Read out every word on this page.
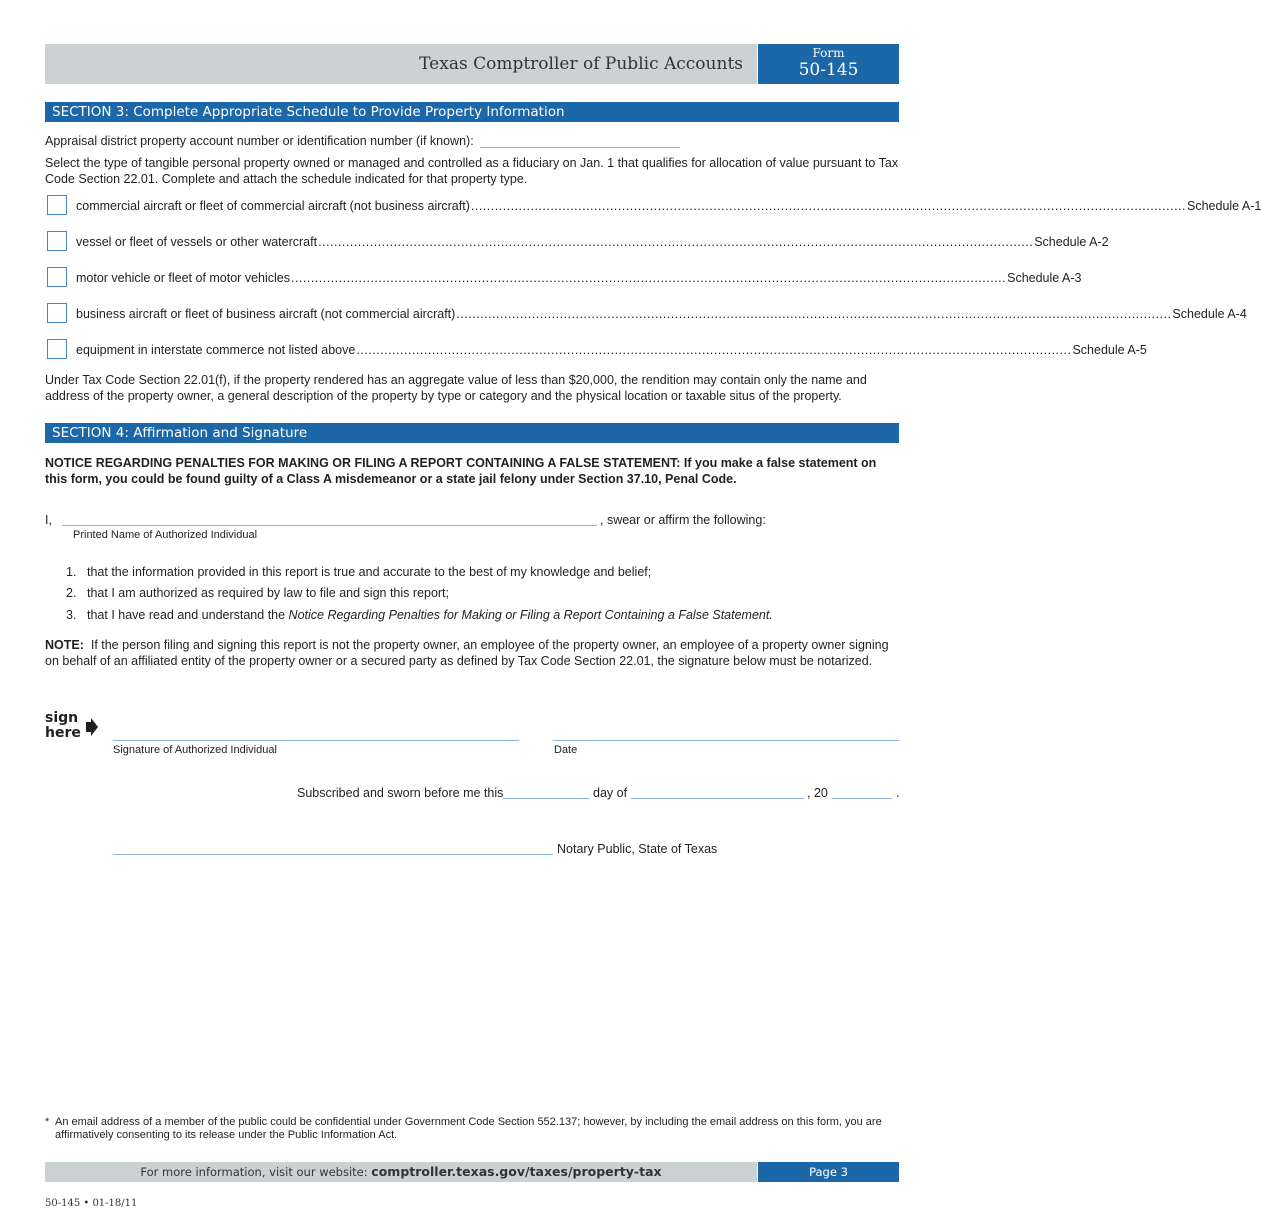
Texas Comptroller of Public Accounts
Form
50-145
SECTION 3: Complete Appropriate Schedule to Provide Property Information
Appraisal district property account number or identification number (if known):
Select the type of tangible personal property owned or managed and controlled as a fiduciary on Jan. 1 that qualifies for allocation of value pursuant to Tax Code Section 22.01. Complete and attach the schedule indicated for that property type.
commercial aircraft or fleet of commercial aircraft (not business aircraft) .................................................................................................................................................................................... Schedule A-1
vessel or fleet of vessels or other watercraft .................................................................................................................................................................................... Schedule A-2
motor vehicle or fleet of motor vehicles .................................................................................................................................................................................... Schedule A-3
business aircraft or fleet of business aircraft (not commercial aircraft) .................................................................................................................................................................................... Schedule A-4
equipment in interstate commerce not listed above .................................................................................................................................................................................... Schedule A-5
Under Tax Code Section 22.01(f), if the property rendered has an aggregate value of less than $20,000, the rendition may contain only the name and address of the property owner, a general description of the property by type or category and the physical location or taxable situs of the property.
SECTION 4: Affirmation and Signature
NOTICE REGARDING PENALTIES FOR MAKING OR FILING A REPORT CONTAINING A FALSE STATEMENT: If you make a false statement on this form, you could be found guilty of a Class A misdemeanor or a state jail felony under Section 37.10, Penal Code.
I,	, swear or affirm the following:
Printed Name of Authorized Individual
1. that the information provided in this report is true and accurate to the best of my knowledge and belief;
2. that I am authorized as required by law to file and sign this report;
3. that I have read and understand the Notice Regarding Penalties for Making or Filing a Report Containing a False Statement.
NOTE: If the person filing and signing this report is not the property owner, an employee of the property owner, an employee of a property owner signing on behalf of an affiliated entity of the property owner or a secured party as defined by Tax Code Section 22.01, the signature below must be notarized.
sign
here
Signature of Authorized Individual	Date
Subscribed and sworn before me this	day of	, 20	.
Notary Public, State of Texas
* An email address of a member of the public could be confidential under Government Code Section 552.137; however, by including the email address on this form, you are affirmatively consenting to its release under the Public Information Act.
For more information, visit our website: comptroller.texas.gov/taxes/property-tax	Page 3
50-145 • 01-18/11
